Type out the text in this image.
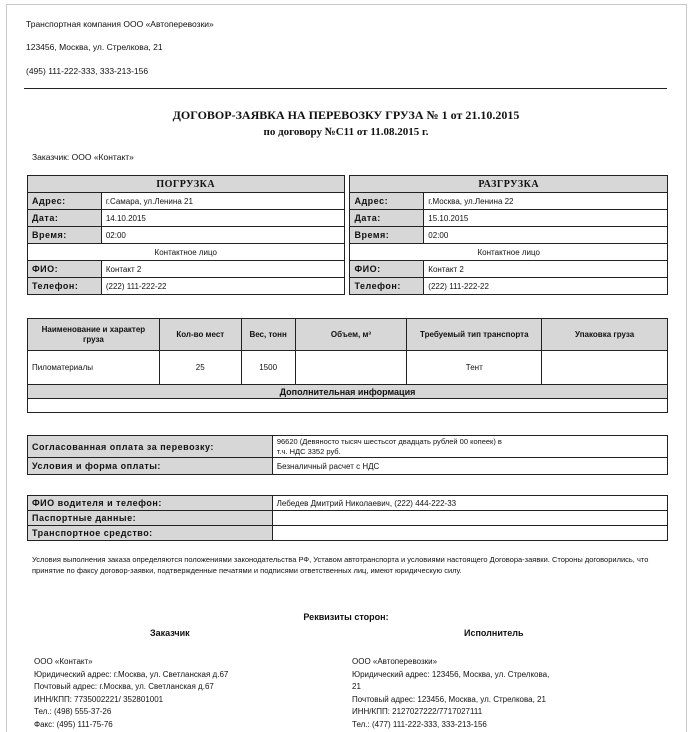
Транспортная компания ООО «Автоперевозки»
123456, Москва, ул. Стрелкова, 21
(495) 111-222-333, 333-213-156
ДОГОВОР-ЗАЯВКА НА ПЕРЕВОЗКУ ГРУЗА № 1 от 21.10.2015
по договору №С11 от 11.08.2015 г.
Заказчик: ООО «Контакт»
ПОГРУЗКА			РАЗГРУЗКА	
Адрес:	г.Самара, ул.Ленина 21		Адрес:	г.Москва, ул.Ленина 22
Дата:	14.10.2015		Дата:	15.10.2015
Время:	02:00		Время:	02:00
Контактное лицо			Контактное лицо	
ФИО:	Контакт 2		ФИО:	Контакт 2
Телефон:	(222) 111-222-22		Телефон:	(222) 111-222-22
Наименование и характер груза	Кол-во мест	Вес, тонн	Объем, м³	Требуемый тип транспорта	Упаковка груза
Пиломатериалы	25	1500		Тент	
Дополнительная информация					

Согласованная оплата за перевозку:	96620 (Девяносто тысяч шестьсот двадцать рублей 00 копеек) в
т.ч. НДС 3352 руб.
Условия и форма оплаты:	Безналичный расчет с НДС
ФИО водителя и телефон:	Лебедев Дмитрий Николаевич, (222) 444-222-33
Паспортные данные:	
Транспортное средство:	
Условия выполнения заказа определяются положениями законодательства РФ, Уставом автотранспорта и условиями настоящего Договора-заявки. Стороны договорились, что принятие по факсу договор-заявки, подтвержденные печатями и подписями ответственных лиц, имеют юридическую силу.
Реквизиты сторон:
Заказчик	Исполнитель
ООО «Контакт»
Юридический адрес: г.Москва, ул. Светланская д.67
Почтовый адрес: г.Москва, ул. Светланская д.67
ИНН/КПП: 7735002221/ 352801001
Тел.: (498) 555-37-26
Факс: (495) 111-75-76
ООО «Автоперевозки»
Юридический адрес: 123456, Москва, ул. Стрелкова,
21
Почтовый адрес: 123456, Москва, ул. Стрелкова, 21
ИНН/КПП: 2127027222/7717027111
Тел.: (477) 111-222-333, 333-213-156
